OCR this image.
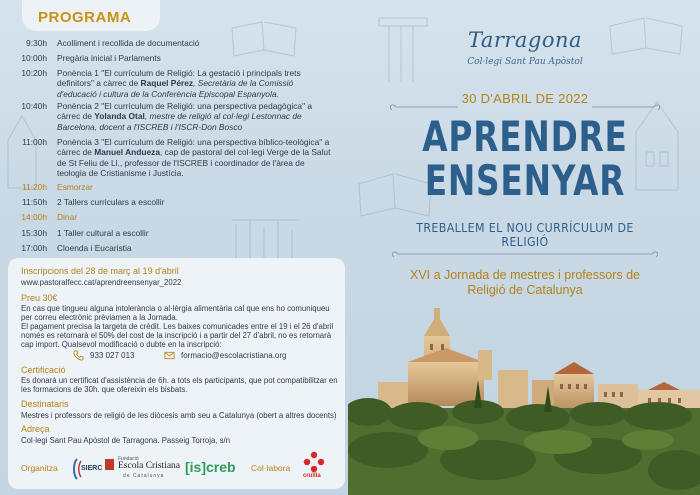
PROGRAMA
9:30h Acolliment i recollida de documentació
10:00h Pregària inicial i Parlaments
10:20h Ponència 1 "El currículum de Religió: La gestació i principals trets definitors" a càrrec de Raquel Pérez, Secretària de la Comissió d'educació i cultura de la Conferència Episcopal Espanyola.
10:40h Ponència 2 "El currículum de Religió: una perspectiva pedagògica" a càrrec de Yolanda Otal, mestre de religió al col·legi Lestonnac de Barcelona, docent a l'ISCREB i l'ISCR-Don Bosco
11:00h Ponència 3 "El currículum de Religió: una perspectiva bíblico-teològica" a càrrec de Manuel Andueza, cap de pastoral del col·legi Verge de la Salut de St Feliu de Ll., professor de l'ISCREB i coordinador de l'àrea de teologia de Cristianisme i Justícia.
11:20h Esmorzar
11:50h 2 Tallers curriculars a escollir
14:00h Dinar
15:30h 1 Taller cultural a escollir
17:00h Cloenda i Eucaristia
Inscripcions del 28 de març al 19 d'abril
www.pastoralfecc.cat/aprendreensenyar_2022
Preu 30€
En cas que tingueu alguna intolerància o al·lèrgia alimentària cal que ens ho comuniqueu per correu electrònic prèviamen a la Jornada.
El pagament precisa la targeta de crèdit. Les baixes comunicades entre el 19 i el 26 d'abril només es retornarà el 50% del cost de la inscripció i a partir del 27 d'abril, no es retornarà cap import. Qualsevol modificació o dubte en la inscripció:
933 027 013	formacio@escolacristiana.org
Certificació
Es donarà un certificat d'assistència de 6h. a tots els participants, que pot compatibilitzar en les formacions de 30h. que ofereixin els bisbats.
Destinataris
Mestres i professors de religió de les diòcesis amb seu a Catalunya (obert a altres docents)
Adreça
Col·legi Sant Pau Apòstol de Tarragona. Passeig Torroja, s/n
Organitza	SIERC
Fundació
Escola Cristiana
de Catalunya
[is]creb Col·labora
cruïlla
Tarragona
Col·legi Sant Pau Apòstol
30 D'ABRIL DE 2022
APRENDRE
ENSENYAR
TREBALLEM EL NOU CURRÍCULUM DE RELIGIÓ
XVI a Jornada de mestres i professors de
Religió de Catalunya
